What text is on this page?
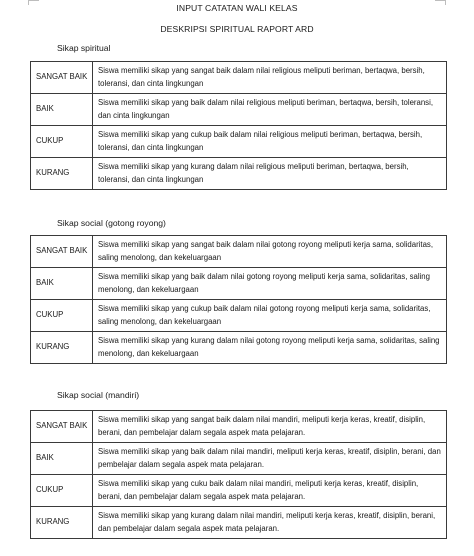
INPUT CATATAN WALI KELAS
DESKRIPSI SPIRITUAL RAPORT ARD
Sikap spiritual
SANGAT BAIK	Siswa memiliki sikap yang sangat baik dalam nilai religious meliputi beriman, bertaqwa, bersih, toleransi, dan cinta lingkungan
BAIK	Siswa memiliki sikap yang baik dalam nilai religious meliputi beriman, bertaqwa, bersih, toleransi, dan cinta lingkungan
CUKUP	Siswa memiliki sikap yang cukup baik dalam nilai religious meliputi beriman, bertaqwa, bersih, toleransi, dan cinta lingkungan
KURANG	Siswa memiliki sikap yang kurang dalam nilai religious meliputi beriman, bertaqwa, bersih, toleransi, dan cinta lingkungan
Sikap social (gotong royong)
SANGAT BAIK	Siswa memiliki sikap yang sangat baik dalam nilai gotong royong meliputi kerja sama, solidaritas, saling menolong, dan kekeluargaan
BAIK	Siswa memiliki sikap yang baik dalam nilai gotong royong meliputi kerja sama, solidaritas, saling menolong, dan kekeluargaan
CUKUP	Siswa memiliki sikap yang cukup baik dalam nilai gotong royong meliputi kerja sama, solidaritas, saling menolong, dan kekeluargaan
KURANG	Siswa memiliki sikap yang kurang dalam nilai gotong royong meliputi kerja sama, solidaritas, saling menolong, dan kekeluargaan
Sikap social (mandiri)
SANGAT BAIK	Siswa memiliki sikap yang sangat baik dalam nilai mandiri, meliputi kerja keras, kreatif, disiplin, berani, dan pembelajar dalam segala aspek mata pelajaran.
BAIK	Siswa memiliki sikap yang baik dalam nilai mandiri, meliputi kerja keras, kreatif, disiplin, berani, dan pembelajar dalam segala aspek mata pelajaran.
CUKUP	Siswa memiliki sikap yang cuku baik dalam nilai mandiri, meliputi kerja keras, kreatif, disiplin, berani, dan pembelajar dalam segala aspek mata pelajaran.
KURANG	Siswa memiliki sikap yang kurang dalam nilai mandiri, meliputi kerja keras, kreatif, disiplin, berani, dan pembelajar dalam segala aspek mata pelajaran.
